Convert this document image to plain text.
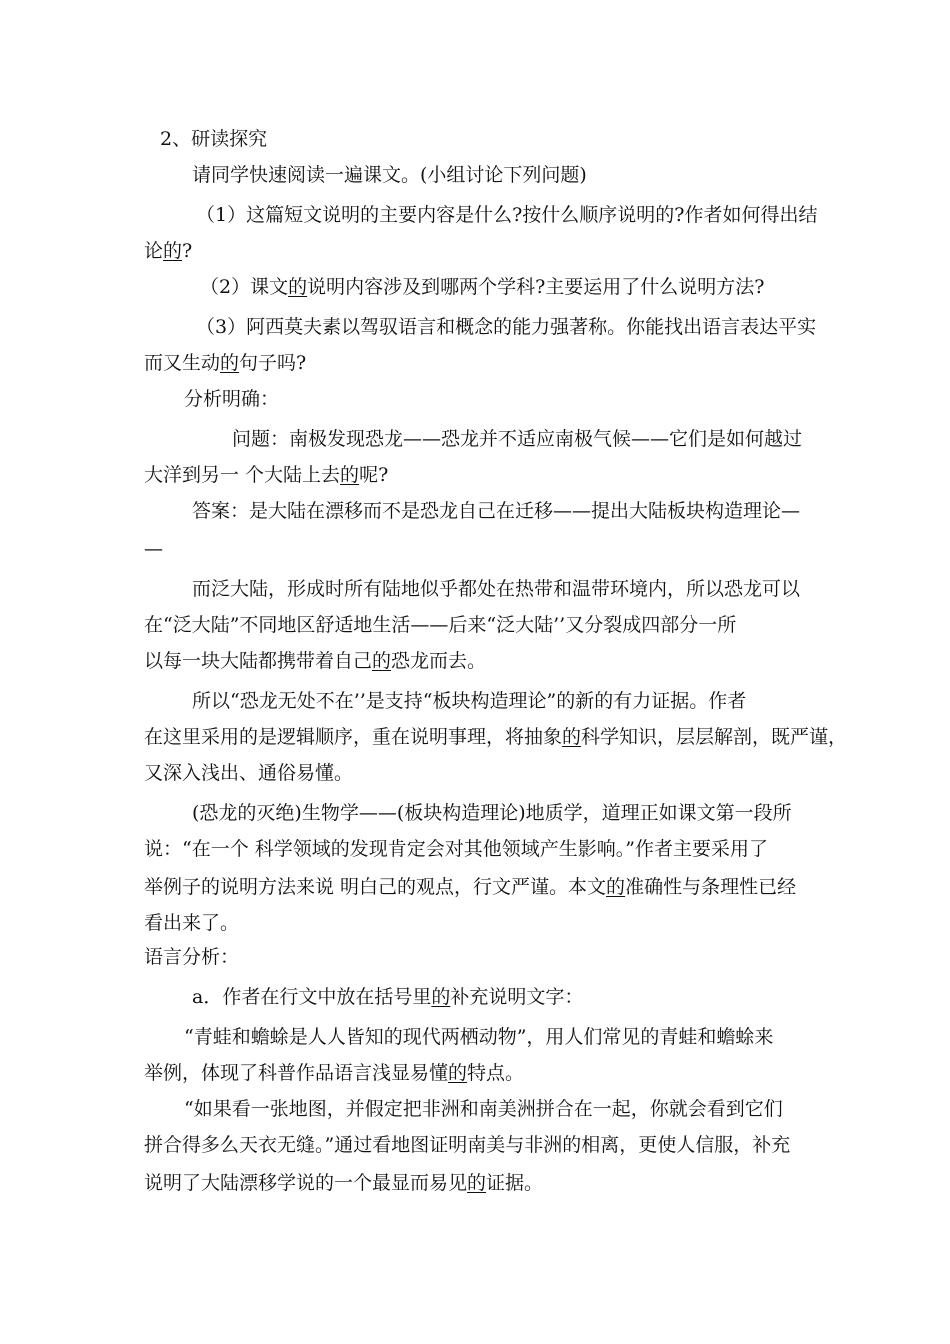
2、研读探究
请同学快速阅读一遍课文。(小组讨论下列问题)
（1）这篇短文说明的主要内容是什么?按什么顺序说明的?作者如何得出结
论的?
（2）课文的说明内容涉及到哪两个学科?主要运用了什么说明方法?
（3）阿西莫夫素以驾驭语言和概念的能力强著称。你能找出语言表达平实
而又生动的句子吗?
分析明确：
问题：南极发现恐龙——恐龙并不适应南极气候——它们是如何越过
大洋到另一 个大陆上去的呢?
答案：是大陆在漂移而不是恐龙自己在迁移——提出大陆板块构造理论—
—
而泛大陆，形成时所有陆地似乎都处在热带和温带环境内，所以恐龙可以
在“泛大陆”不同地区舒适地生活——后来“泛大陆’’又分裂成四部分一所
以每一块大陆都携带着自己的恐龙而去。
所以“恐龙无处不在’’是支持“板块构造理论”的新的有力证据。作者
在这里采用的是逻辑顺序，重在说明事理，将抽象的科学知识，层层解剖，既严谨，
又深入浅出、通俗易懂。
(恐龙的灭绝)生物学——(板块构造理论)地质学，道理正如课文第一段所
说：“在一个 科学领域的发现肯定会对其他领域产生影响。”作者主要采用了
举例子的说明方法来说 明白己的观点，行文严谨。本文的准确性与条理性已经
看出来了。
语言分析：
a．作者在行文中放在括号里的补充说明文字：
“青蛙和蟾蜍是人人皆知的现代两栖动物”，用人们常见的青蛙和蟾蜍来
举例，体现了科普作品语言浅显易懂的特点。
“如果看一张地图，并假定把非洲和南美洲拼合在一起，你就会看到它们
拼合得多么天衣无缝。”通过看地图证明南美与非洲的相离，更使人信服，补充
说明了大陆漂移学说的一个最显而易见的证据。
